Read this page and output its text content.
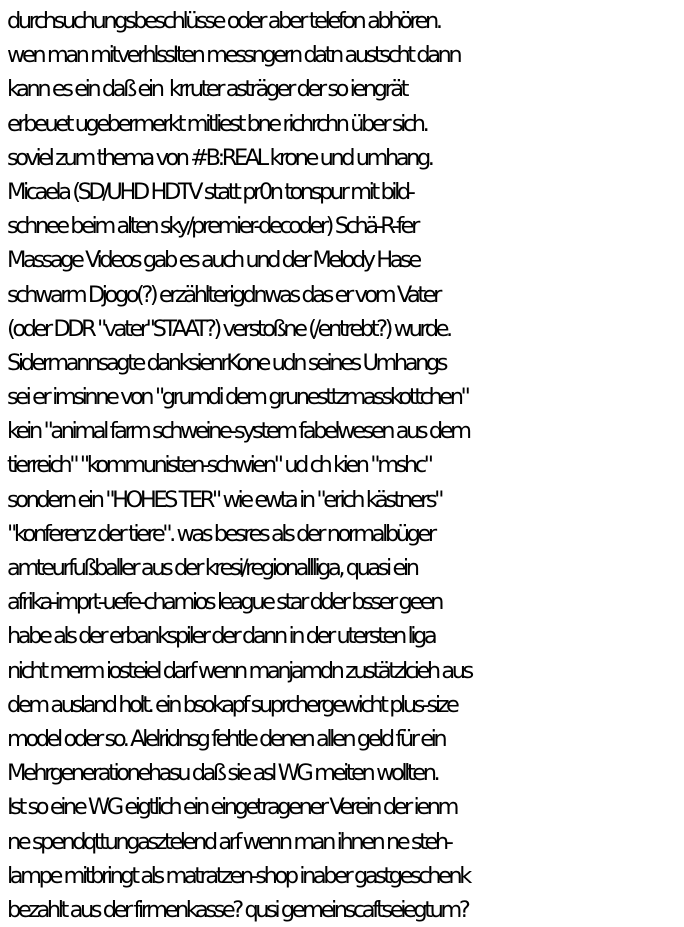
durchsuchungsbeschlüsse oder aber telefon abhören.
wen man mitverhlssIten messngern datn austscht dann
kann es ein daß ein  krruter asträger der so iengrät
erbeuet ugebermerkt mitliest bne richrchn über sich.
soviel zum thema von #B:REAL krone und umhang.
Micaela (SD/UHD HDTV statt pr0n tonspur mit bild-
schnee beim alten sky/premier-decoder) Schä-R-fer
Massage Videos gab es auch und der Melody Hase
schwarm Djogo(?) erzählterigdnwas das er vom Vater
(oder DDR "vater"STAAT?) verstoßne (/entrebt?) wurde.
Sidermannsagte danksienrKone udn seines Umhangs
sei er imsinne von "grumdi dem grunesttzmasskottchen"
kein "animal farm schweine-system fabelwesen aus dem
tierreich" "kommunisten-schwien" ud ch kien "mshc"
sondern ein "HOHES TER" wie ewta in "erich kästners"
"konferenz der tiere". was besres als der normalbüger
amteurfußballer aus der kresi/regionallliga, quasi ein
afrika-imprt-uefe-chamios league star dder bsser geen
habe als der erbankspiler der dann in der utersten liga
nicht merm iosteiel darf wenn manjamdn zustätzlcieh aus
dem ausland holt. ein bsokapf suprchergewicht plus-size
model oder so. Alelridnsg fehtle denen allen geld für ein
Mehrgenerationehasu daß sie asl WG meiten wollten.
Ist so eine WG eigtlich ein eingetragener Verein der ienm
ne spendqttungasztelend arf wenn man ihnen ne steh-
lampe mitbringt als matratzen-shop inaber gastgeschenk
bezahlt aus der firmenkasse? qusi gemeinscaftseiegtum?
